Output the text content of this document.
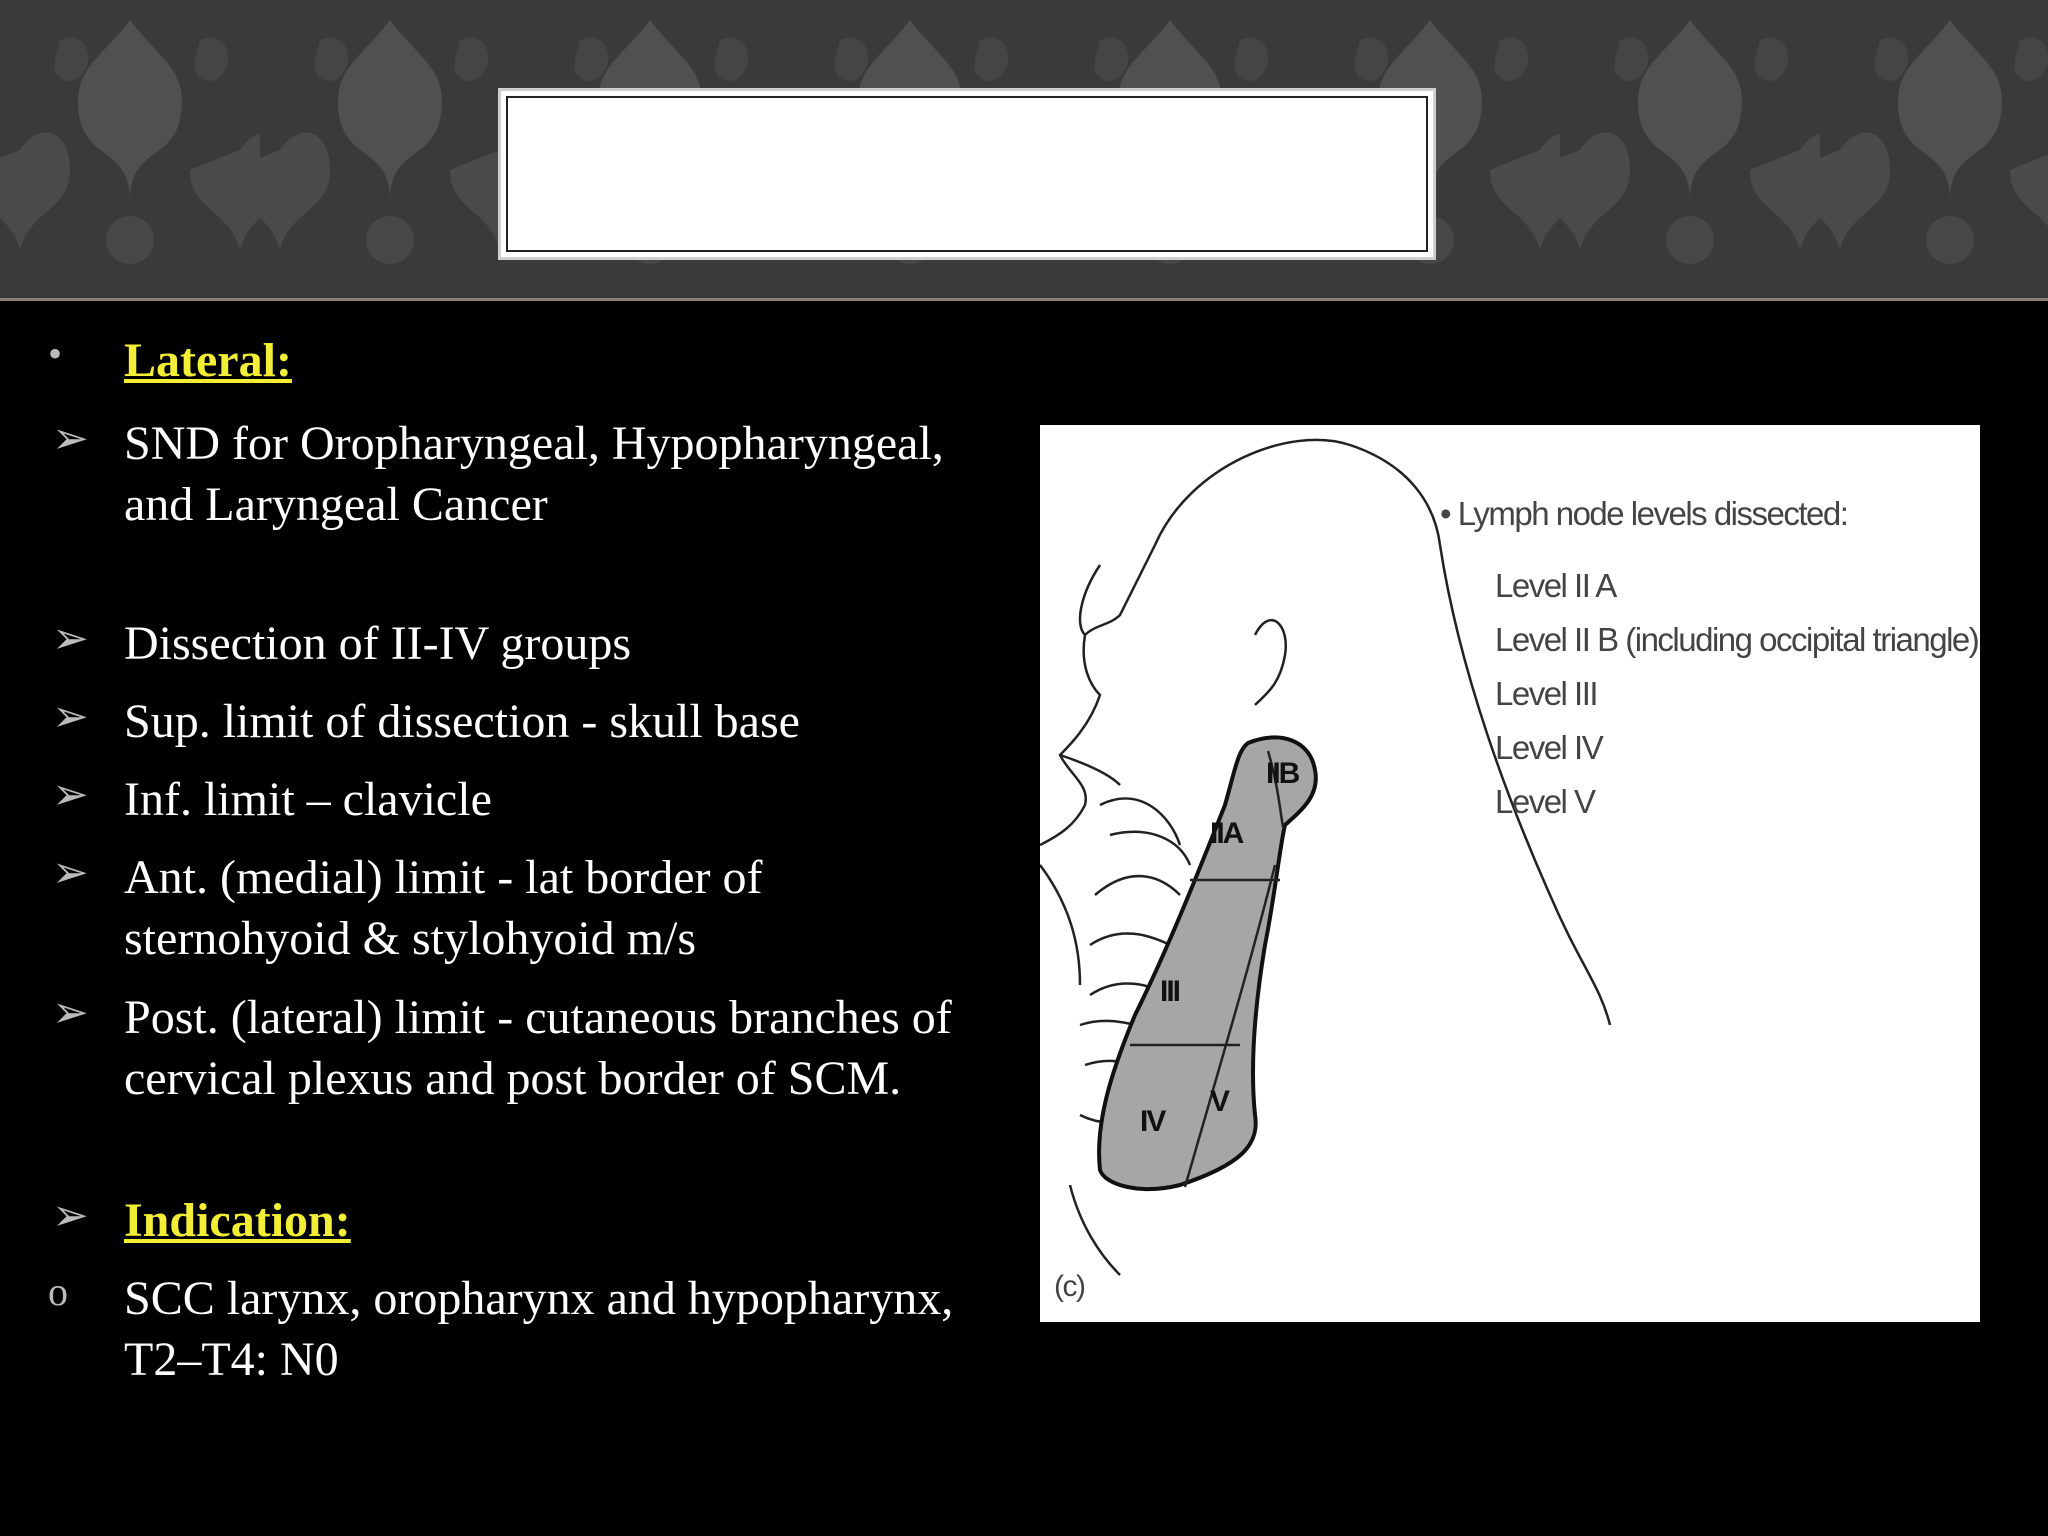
• Lateral:
➢ SND for Oropharyngeal, Hypopharyngeal, and Laryngeal Cancer
➢ Dissection of II-IV groups
➢ Sup. limit of dissection - skull base
➢ Inf. limit – clavicle
➢ Ant. (medial) limit - lat border of sternohyoid & stylohyoid m/s
➢ Post. (lateral) limit - cutaneous branches of cervical plexus and post border of SCM.
➢ Indication:
o SCC larynx, oropharynx and hypopharynx, T2–T4: N0
IIB
IIA
III
IV
V
• Lymph node levels dissected:
Level II A
Level II B (including occipital triangle)
Level III
Level IV
Level V
(c)
